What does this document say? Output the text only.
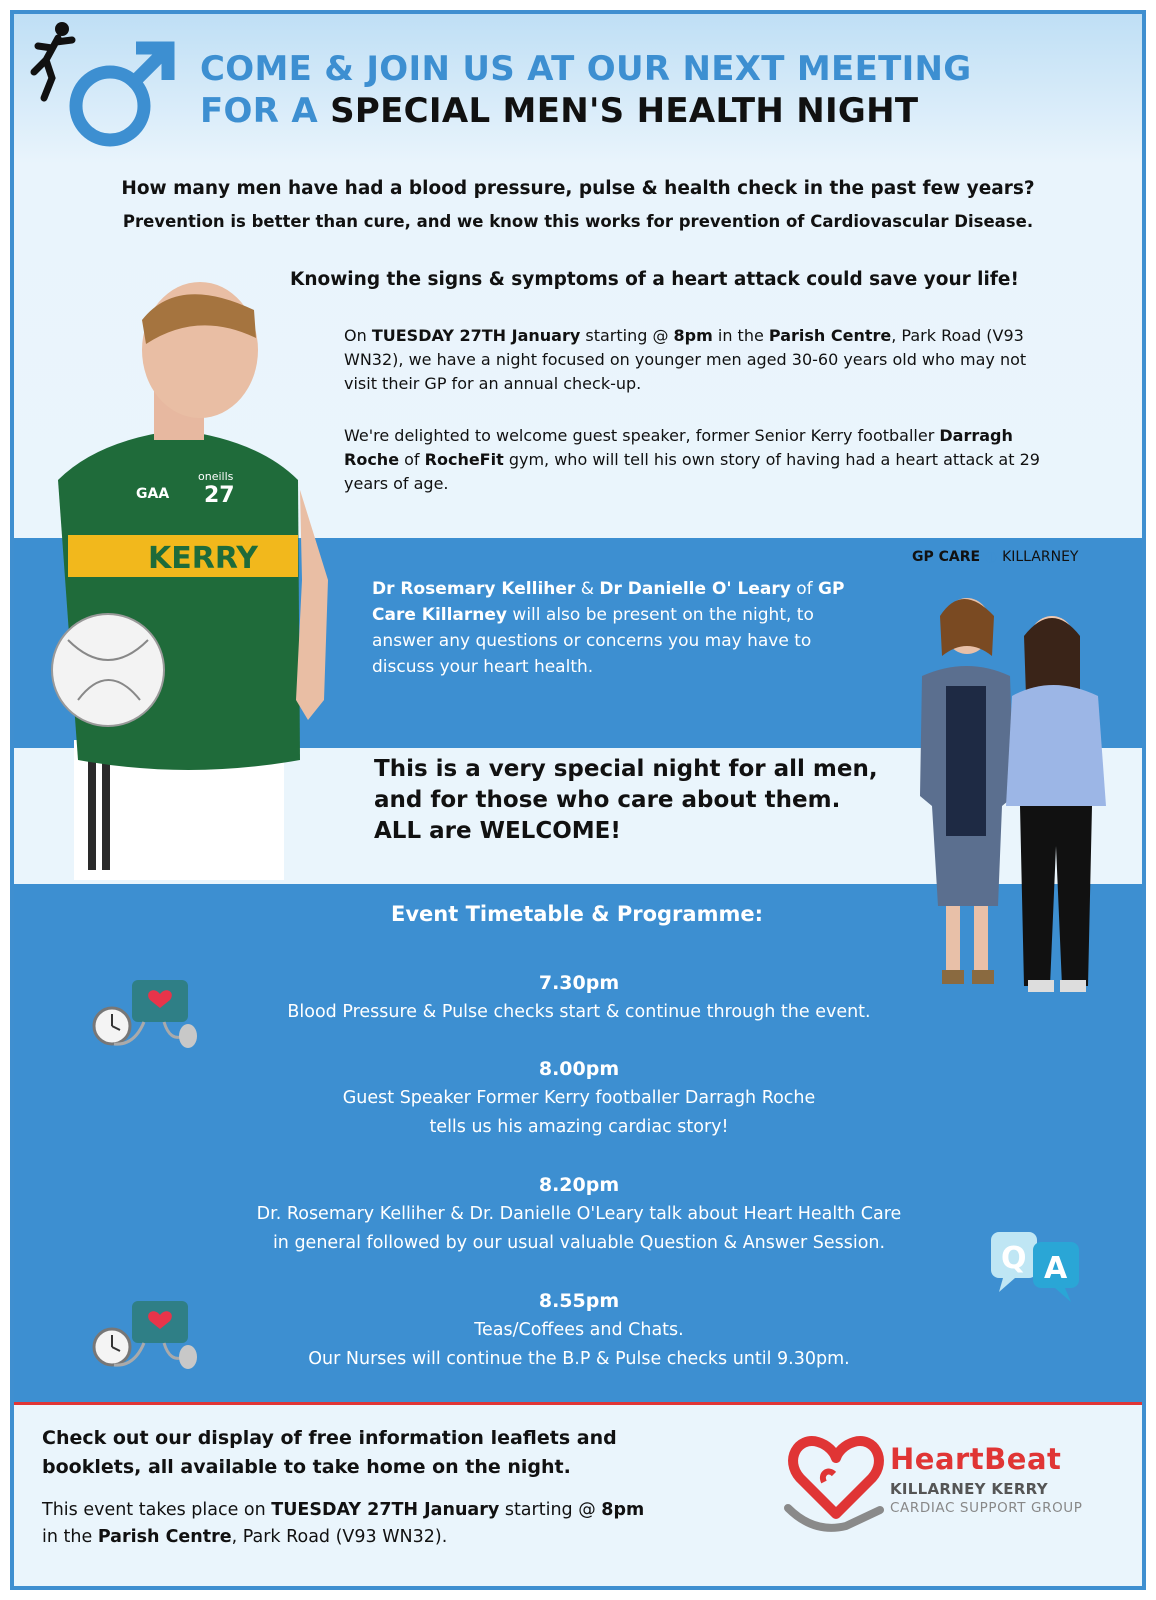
COME & JOIN US AT OUR NEXT MEETING
FOR A SPECIAL MEN'S HEALTH NIGHT
How many men have had a blood pressure, pulse & health check in the past few years?
Prevention is better than cure, and we know this works for prevention of Cardiovascular Disease.
Knowing the signs & symptoms of a heart attack could save your life!
On TUESDAY 27TH January starting @ 8pm in the Parish Centre, Park Road (V93 WN32), we have a night focused on younger men aged 30-60 years old who may not visit their GP for an annual check-up.
We're delighted to welcome guest speaker, former Senior Kerry footballer Darragh Roche of RocheFit gym, who will tell his own story of having had a heart attack at 29 years of age.
KERRY
27
oneills
GAA
Dr Rosemary Kelliher & Dr Danielle O' Leary of GP Care Killarney will also be present on the night, to answer any questions or concerns you may have to discuss your heart health.
GP CARE ◐ KILLARNEY
This is a very special night for all men,
and for those who care about them.
ALL are WELCOME!
Event Timetable & Programme:
7.30pm
Blood Pressure & Pulse checks start & continue through the event.
8.00pm
Guest Speaker Former Kerry footballer Darragh Roche
tells us his amazing cardiac story!
8.20pm
Dr. Rosemary Kelliher & Dr. Danielle O'Leary talk about Heart Health Care
in general followed by our usual valuable Question & Answer Session.
8.55pm
Teas/Coffees and Chats.
Our Nurses will continue the B.P & Pulse checks until 9.30pm.
Q A
Check out our display of free information leaflets and
booklets, all available to take home on the night.
This event takes place on TUESDAY 27TH January starting @ 8pm
in the Parish Centre, Park Road (V93 WN32).
HeartBeat
KILLARNEY KERRY
CARDIAC SUPPORT GROUP
